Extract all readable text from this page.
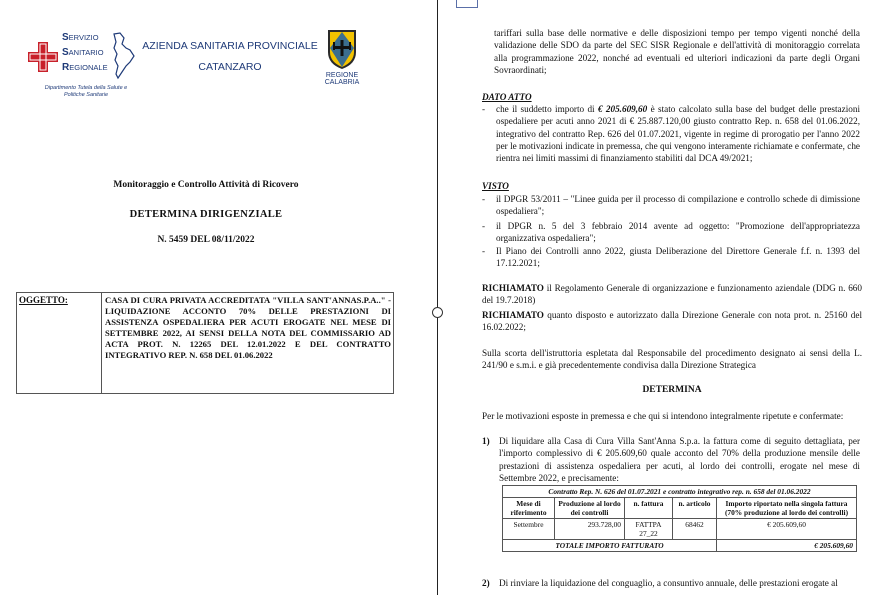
SERVIZIO
SANITARIO
REGIONALE
Dipartimento Tutela della Salute e Politiche Sanitarie
AZIENDA SANITARIA PROVINCIALE
CATANZARO
REGIONE CALABRIA
Monitoraggio e Controllo Attività di Ricovero
DETERMINA DIRIGENZIALE
N. 5459 DEL 08/11/2022
OGGETTO:	CASA DI CURA PRIVATA ACCREDITATA "VILLA SANT'ANNAS.P.A.." - LIQUIDAZIONE ACCONTO 70% DELLE PRESTAZIONI DI ASSISTENZA OSPEDALIERA PER ACUTI EROGATE NEL MESE DI SETTEMBRE 2022, AI SENSI DELLA NOTA DEL COMMISSARIO AD ACTA PROT. N. 12265 DEL 12.01.2022 E DEL CONTRATTO INTEGRATIVO REP. N. 658 DEL 01.06.2022
tariffari sulla base delle normative e delle disposizioni tempo per tempo vigenti nonché della validazione delle SDO da parte del SEC SISR Regionale e dell'attività di monitoraggio correlata alla programmazione 2022, nonché ad eventuali ed ulteriori indicazioni da parte degli Organi Sovraordinati;
DATO ATTO
- che il suddetto importo di € 205.609,60 è stato calcolato sulla base del budget delle prestazioni ospedaliere per acuti anno 2021 di € 25.887.120,00 giusto contratto Rep. n. 658 del 01.06.2022, integrativo del contratto Rep. 626 del 01.07.2021, vigente in regime di prorogatio per l'anno 2022 per le motivazioni indicate in premessa, che qui vengono interamente richiamate e confermate, che rientra nei limiti massimi di finanziamento stabiliti dal DCA 49/2021;
VISTO
- il DPGR 53/2011 – "Linee guida per il processo di compilazione e controllo schede di dimissione ospedaliera";
- il DPGR n. 5 del 3 febbraio 2014 avente ad oggetto: "Promozione dell'appropriatezza organizzativa ospedaliera";
- Il Piano dei Controlli anno 2022, giusta Deliberazione del Direttore Generale f.f. n. 1393 del 17.12.2021;
RICHIAMATO il Regolamento Generale di organizzazione e funzionamento aziendale (DDG n. 660 del 19.7.2018)
RICHIAMATO quanto disposto e autorizzato dalla Direzione Generale con nota prot. n. 25160 del 16.02.2022;
Sulla scorta dell'istruttoria espletata dal Responsabile del procedimento designato ai sensi della L. 241/90 e s.m.i. e già precedentemente condivisa dalla Direzione Strategica
DETERMINA
Per le motivazioni esposte in premessa e che qui si intendono integralmente ripetute e confermate:
1) Di liquidare alla Casa di Cura Villa Sant'Anna S.p.a. la fattura come di seguito dettagliata, per l'importo complessivo di € 205.609,60 quale acconto del 70% della produzione mensile delle prestazioni di assistenza ospedaliera per acuti, al lordo dei controlli, erogate nel mese di Settembre 2022, e precisamente:
Contratto Rep. N. 626 del 01.07.2021 e contratto integrativo rep. n. 658 del 01.06.2022				
Mese di riferimento	Produzione al lordo dei controlli	n. fattura	n. articolo	Importo riportato nella singola fattura (70% produzione al lordo dei controlli)
Settembre	293.728,00	FATTPA 27_22	68462	€ 205.609,60
TOTALE IMPORTO FATTURATO				€ 205.609,60
2) Di rinviare la liquidazione del conguaglio, a consuntivo annuale, delle prestazioni erogate al
